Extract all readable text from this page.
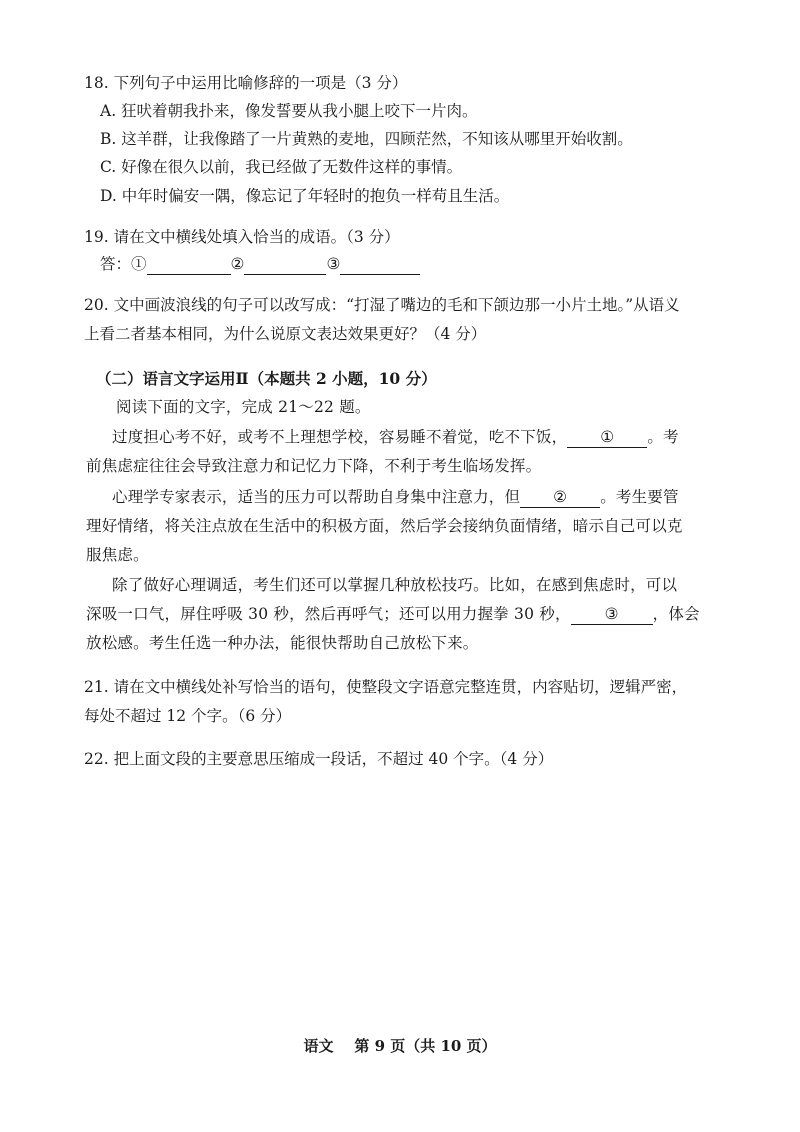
18. 下列句子中运用比喻修辞的一项是（3 分）
A. 狂吠着朝我扑来，像发誓要从我小腿上咬下一片肉。
B. 这羊群，让我像踏了一片黄熟的麦地，四顾茫然，不知该从哪里开始收割。
C. 好像在很久以前，我已经做了无数件这样的事情。
D. 中年时偏安一隅，像忘记了年轻时的抱负一样苟且生活。
19. 请在文中横线处填入恰当的成语。（3 分）
答：①	②	③
20. 文中画波浪线的句子可以改写成：“打湿了嘴边的毛和下颌边那一小片土地。”从语义
上看二者基本相同，为什么说原文表达效果更好？（4 分）
（二）语言文字运用Ⅱ（本题共 2 小题，10 分）
阅读下面的文字，完成 21～22 题。
过度担心考不好，或考不上理想学校，容易睡不着觉，吃不下饭， ① 。考
前焦虑症往往会导致注意力和记忆力下降，不利于考生临场发挥。
心理学专家表示，适当的压力可以帮助自身集中注意力，但 ② 。考生要管
理好情绪，将关注点放在生活中的积极方面，然后学会接纳负面情绪，暗示自己可以克
服焦虑。
除了做好心理调适，考生们还可以掌握几种放松技巧。比如，在感到焦虑时，可以
深吸一口气，屏住呼吸 30 秒，然后再呼气；还可以用力握拳 30 秒， ③ ，体会
放松感。考生任选一种办法，能很快帮助自己放松下来。
21. 请在文中横线处补写恰当的语句，使整段文字语意完整连贯，内容贴切，逻辑严密，
每处不超过 12 个字。（6 分）
22. 把上面文段的主要意思压缩成一段话，不超过 40 个字。（4 分）
语文 第 9 页（共 10 页）
